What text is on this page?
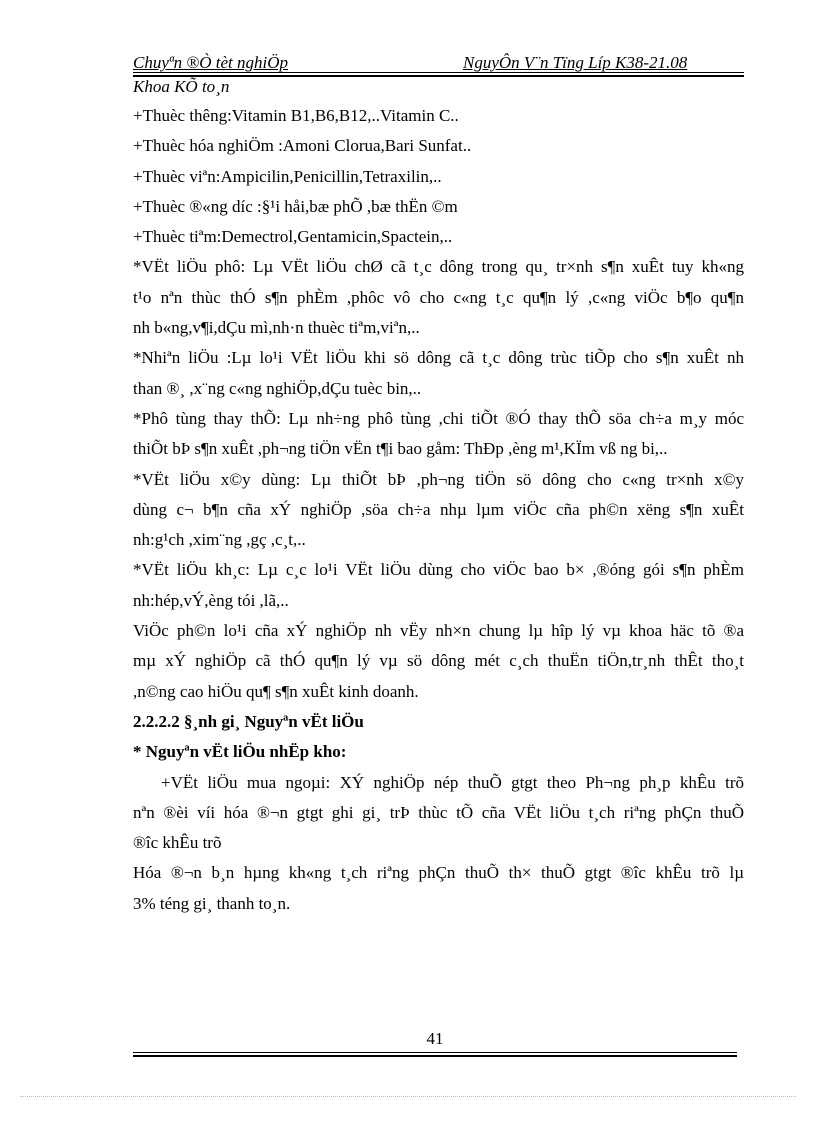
Chuyªn ®Ò tèt nghiÖp	NguyÔn V¨n Tïng Líp K38-21.08
Khoa KÕ to¸n
+Thuèc thêng:Vitamin B1,B6,B12,..Vitamin C..
+Thuèc hóa nghiÖm :Amoni Clorua,Bari Sunfat..
+Thuèc viªn:Ampicilin,Penicillin,Tetraxilin,..
+Thuèc ®«ng díc :§¹i håi,bæ phÕ ,bæ thËn ©m
+Thuèc tiªm:Demectrol,Gentamicin,Spactein,..
*VËt liÖu phô: Lµ VËt liÖu chØ cã t¸c dông trong qu¸ tr×nh s¶n xuÊt tuy kh«ng
t¹o nªn thùc thÓ s¶n phÈm ,phôc vô cho c«ng t¸c qu¶n lý ,c«ng viÖc b¶o qu¶n
nh b«ng,v¶i,dÇu mì,nh·n thuèc tiªm,viªn,..
*Nhiªn liÖu :Lµ lo¹i VËt liÖu khi sö dông cã t¸c dông trùc tiÕp cho s¶n xuÊt nh
than ®¸ ,x¨ng c«ng nghiÖp,dÇu tuèc bin,..
*Phô tùng thay thÕ: Lµ nh÷ng phô tùng ,chi tiÕt ®Ó thay thÕ söa ch÷a m¸y móc
thiÕt bÞ s¶n xuÊt ,ph¬ng tiÖn vËn t¶i bao gåm: ThÐp ,èng m¹,KÏm vß ng bi,..
*VËt liÖu x©y dùng: Lµ thiÕt bÞ ,ph¬ng tiÖn sö dông cho c«ng tr×nh x©y
dùng c¬ b¶n cña xÝ nghiÖp ,söa ch÷a nhµ lµm viÖc cña ph©n xëng s¶n xuÊt
nh:g¹ch ,xim¨ng ,gç ,c¸t,..
*VËt liÖu kh¸c: Lµ c¸c lo¹i VËt liÖu dùng cho viÖc bao b× ,®óng gói s¶n phÈm
nh:hép,vÝ,èng tói ,lã,..
ViÖc ph©n lo¹i cña xÝ nghiÖp nh vËy nh×n chung lµ hîp lý vµ khoa häc tõ ®a
mµ xÝ nghiÖp cã thÓ qu¶n lý vµ sö dông mét c¸ch thuËn tiÖn,tr¸nh thÊt tho¸t
,n©ng cao hiÖu qu¶ s¶n xuÊt kinh doanh.
2.2.2.2 §¸nh gi¸ Nguyªn vËt liÖu
* Nguyªn vËt liÖu nhËp kho:
+VËt liÖu mua ngoµi: XÝ nghiÖp nép thuÕ gtgt theo Ph¬ng ph¸p khÊu trõ
nªn ®èi víi hóa ®¬n gtgt ghi gi¸ trÞ thùc tÕ cña VËt liÖu t¸ch riªng phÇn thuÕ
®îc khÊu trõ
Hóa ®¬n b¸n hµng kh«ng t¸ch riªng phÇn thuÕ th× thuÕ gtgt ®îc khÊu trõ lµ
3% téng gi¸ thanh to¸n.
41
